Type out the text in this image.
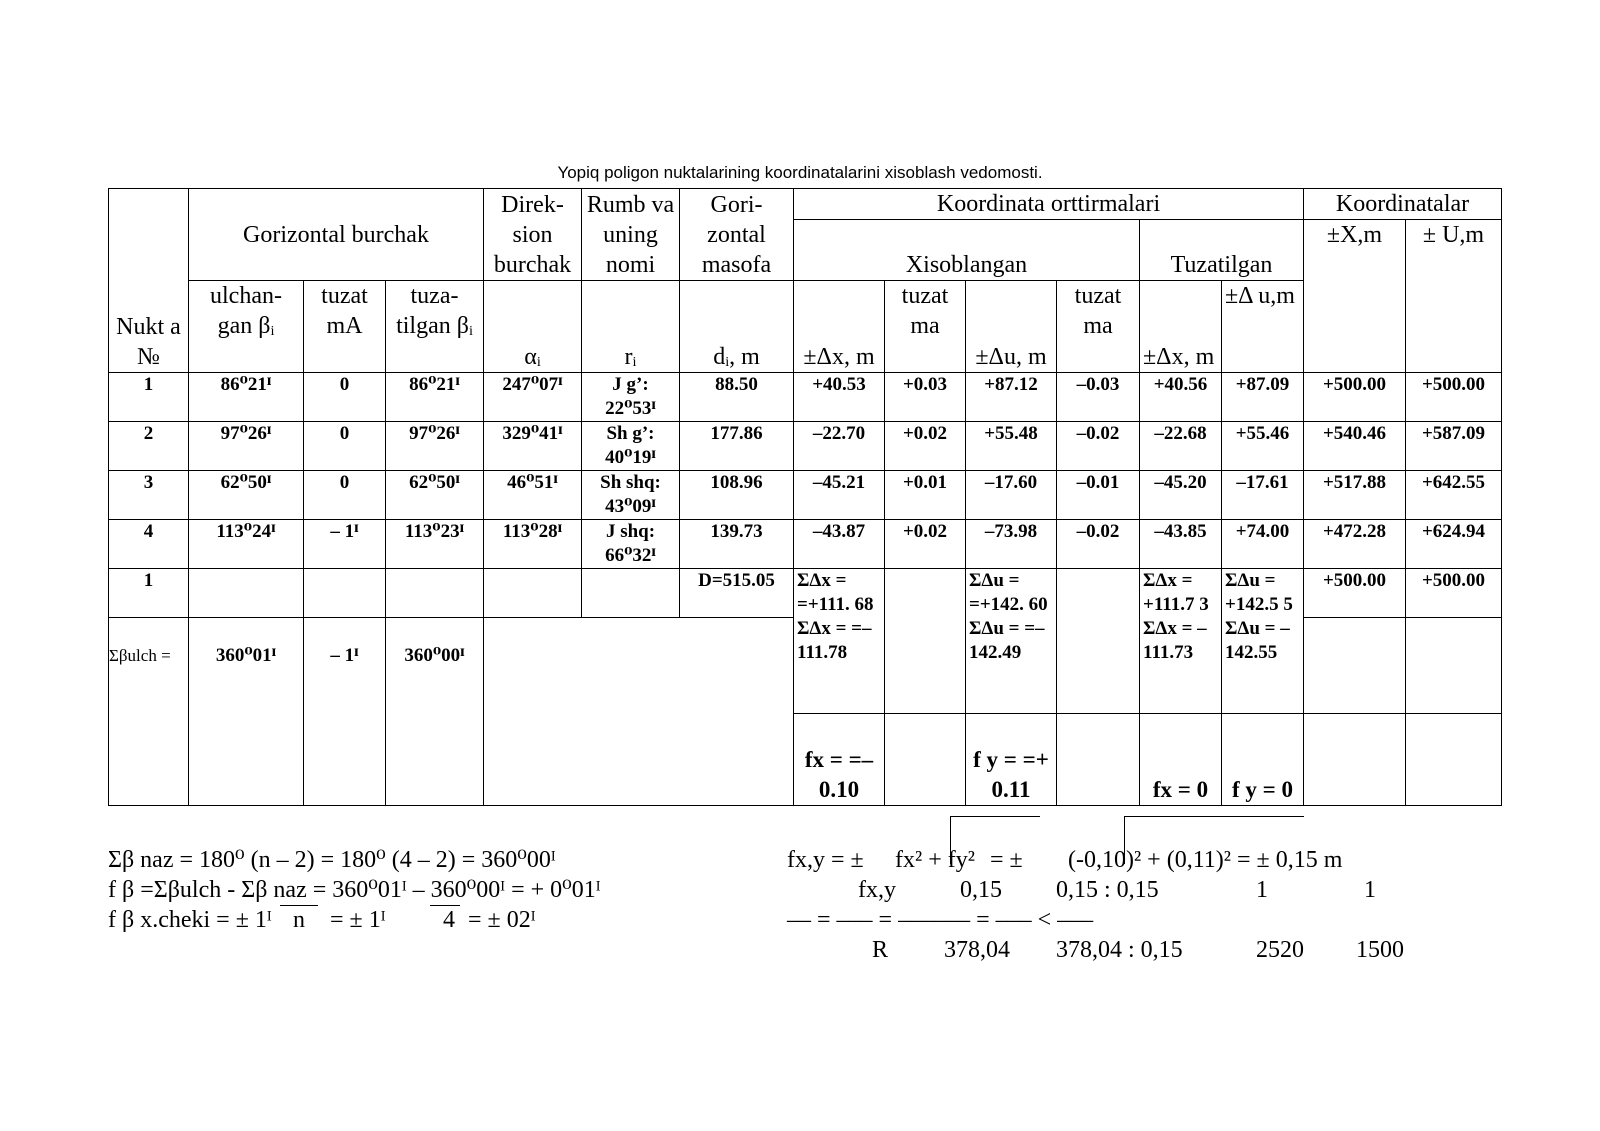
Yopiq poligon nuktalarining koordinatalarini xisoblash vedomosti.
Nukt a №	Gorizontal burchak			Direk- sion burchak	Rumb va uning nomi	Gori- zontal masofa	Koordinata orttirmalari						Koordinatalar	
							Xisoblangan				Tuzatilgan		±X,m	± U,m
	ulchan- gan βᵢ	tuzat mA	tuza- tilgan βᵢ	αᵢ	rᵢ	dᵢ, m	±Δx, m	tuzat ma	±Δu, m	tuzat ma	±Δx, m	±Δ u,m		
1	86⁰21ᴵ	0	86⁰21ᴵ	247⁰07ᴵ	J g’: 22⁰53ᴵ	88.50	+40.53	+0.03	+87.12	–0.03	+40.56	+87.09	+500.00	+500.00
2	97⁰26ᴵ	0	97⁰26ᴵ	329⁰41ᴵ	Sh g’: 40⁰19ᴵ	177.86	–22.70	+0.02	+55.48	–0.02	–22.68	+55.46	+540.46	+587.09
3	62⁰50ᴵ	0	62⁰50ᴵ	46⁰51ᴵ	Sh shq: 43⁰09ᴵ	108.96	–45.21	+0.01	–17.60	–0.01	–45.20	–17.61	+517.88	+642.55
4	113⁰24ᴵ	– 1ᴵ	113⁰23ᴵ	113⁰28ᴵ	J shq: 66⁰32ᴵ	139.73	–43.87	+0.02	–73.98	–0.02	–43.85	+74.00	+472.28	+624.94
1						D=515.05	ΣΔx = =+111. 68 ΣΔx = =– 111.78		ΣΔu = =+142. 60 ΣΔu = =– 142.49		ΣΔx = +111.7 3 ΣΔx = – 111.73	ΣΔu = +142.5 5 ΣΔu = – 142.55	+500.00	+500.00
Σβulch =	360⁰01ᴵ	– 1ᴵ	360⁰00ᴵ											
							fx = =– 0.10		f y = =+ 0.11		fx = 0	f y = 0		
Σβ naz = 180⁰ (n – 2) = 180⁰ (4 – 2) = 360⁰00ᴵ
f β =Σβulch - Σβ naz = 360⁰01ᴵ – 360⁰00ᴵ = + 0⁰01ᴵ
f β x.cheki = ± 1ᴵ n = ± 1ᴵ 4 = ± 02ᴵ
fx,y = ± fx² + fy² = ± (-0,10)² + (0,11)² = ± 0,15 m
fx,y	0,15 0,15 : 0,15	1	1
–– = ––– = –––––– = ––– < –––
R 378,04 378,04 : 0,15	2520 1500
